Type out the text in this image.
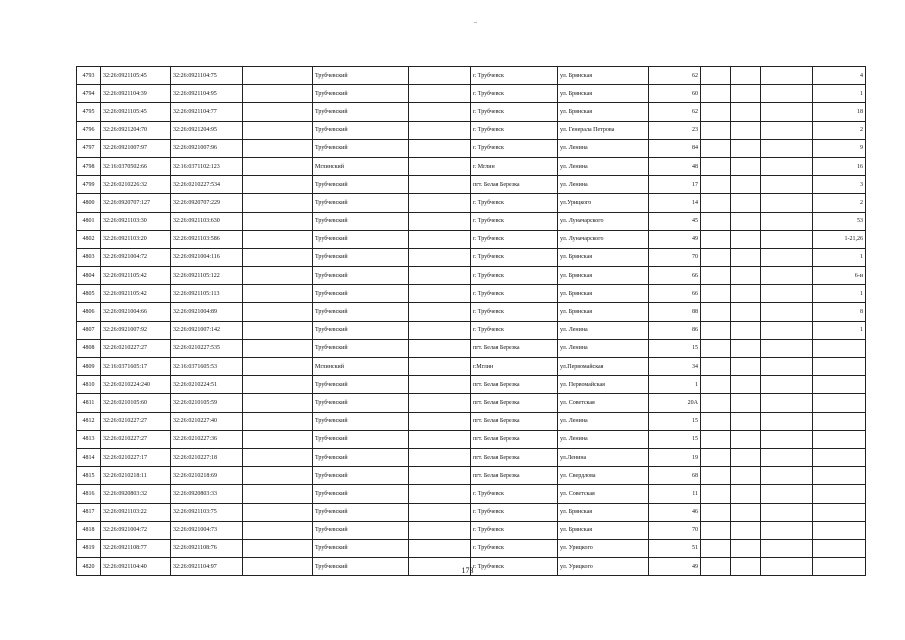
4793	32:26:0921105:45	32:26:0921104:75		Трубчевский		г. Трубчевск	ул. Брянская	62				4
4794	32:26:0921104:39	32:26:0921104:95		Трубчевский		г. Трубчевск	ул. Брянская	60				1
4795	32:26:0921105:45	32:26:0921104:77		Трубчевский		г. Трубчевск	ул. Брянская	62				18
4796	32:26:0921204:70	32:26:0921204:95		Трубчевский		г. Трубчевск	ул. Генерала Петрова	23				2
4797	32:26:0921007:97	32:26:0921007:96		Трубчевский		г. Трубчевск	ул. Ленина	84				9
4798	32:16:0370502:66	32:16:0371102:123		Мглинский		г. Мглин	ул. Ленина	48				16
4799	32:26:0210226:32	32:26:0210227:534		Трубчевский		пгт. Белая Березка	ул. Ленина	17				3
4800	32:26:0920707:127	32:26:0920707:229		Трубчевский		г. Трубчевск	ул.Урицкого	14				2
4801	32:26:0921103:30	32:26:0921103:630		Трубчевский		г. Трубчевск	ул. Луначарского	45				53
4802	32:26:0921103:20	32:26:0921103:586		Трубчевский		г. Трубчевск	ул. Луначарского	49				1-21,26
4803	32:26:0921004:72	32:26:0921004:116		Трубчевский		г. Трубчевск	ул. Брянская	70				1
4804	32:26:0921105:42	32:26:0921105:122		Трубчевский		г. Трубчевск	ул. Брянская	66				6-и
4805	32:26:0921105:42	32:26:0921105:113		Трубчевский		г. Трубчевск	ул. Брянская	66				1
4806	32:26:0921004:66	32:26:0921004:89		Трубчевский		г. Трубчевск	ул. Брянская	88				8
4807	32:26:0921007:92	32:26:0921007:142		Трубчевский		г. Трубчевск	ул. Ленина	86				1
4808	32:26:0210227:27	32:26:0210227:535		Трубчевский		пгт. Белая Березка	ул. Ленина	15				
4809	32:16:0371605:17	32:16:0371605:53		Мглинский		г.Мглин	ул.Первомайская	34				
4810	32:26:0210224:240	32:26:0210224:51		Трубчевский		пгт. Белая Березка	ул. Первомайская	1				
4811	32:26:0210105:60	32:26:0210105:59		Трубчевский		пгт. Белая Березка	ул. Советская	20А				
4812	32:26:0210227:27	32:26:0210227:40		Трубчевский		пгт. Белая Березка	ул. Ленина	15				
4813	32:26:0210227:27	32:26:0210227:36		Трубчевский		пгт. Белая Березка	ул. Ленина	15				
4814	32:26:0210227:17	32:26:0210227:18		Трубчевский		пгт. Белая Березка	ул.Ленина	19				
4815	32:26:0210218:11	32:26:0210218:69		Трубчевский		пгт. Белая Березка	ул. Свердлова	68				
4816	32:26:0920803:32	32:26:0920803:33		Трубчевский		г. Трубчевск	ул. Советская	11				
4817	32:26:0921103:22	32:26:0921103:75		Трубчевский		г. Трубчевск	ул. Брянская	46				
4818	32:26:0921004:72	32:26:0921004:73		Трубчевский		г. Трубчевск	ул. Брянская	70				
4819	32:26:0921108:77	32:26:0921108:76		Трубчевский		г. Трубчевск	ул. Урицкого	51				
4820	32:26:0921104:40	32:26:0921104:97		Трубчевский		г. Трубчевск	ул. Урицкого	49				
173
